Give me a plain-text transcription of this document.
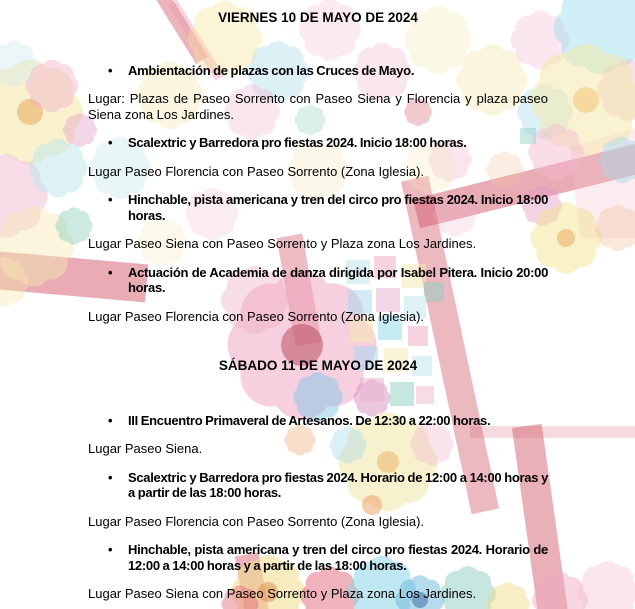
VIERNES 10 DE MAYO DE 2024

•	Ambientación de plazas con las Cruces de Mayo.

Lugar: Plazas de Paseo Sorrento con Paseo Siena y Florencia y plaza paseo Siena zona Los Jardines.

•	Scalextric y Barredora pro fiestas 2024. Inicio 18:00 horas.

Lugar Paseo Florencia con Paseo Sorrento (Zona Iglesia).

•	Hinchable, pista americana y tren del circo pro fiestas 2024. Inicio 18:00 horas.

Lugar Paseo Siena con Paseo Sorrento y Plaza zona Los Jardines.

•	Actuación de Academia de danza dirigida por Isabel Pitera. Inicio 20:00 horas.

Lugar Paseo Florencia con Paseo Sorrento (Zona Iglesia).

SÁBADO 11 DE MAYO DE 2024

•	III Encuentro Primaveral de Artesanos. De 12:30 a 22:00 horas.

Lugar Paseo Siena.

•	Scalextric y Barredora pro fiestas 2024. Horario de 12:00 a 14:00 horas y a partir de las 18:00 horas.

Lugar Paseo Florencia con Paseo Sorrento (Zona Iglesia).

•	Hinchable, pista americana y tren del circo pro fiestas 2024. Horario de 12:00 a 14:00 horas y a partir de las 18:00 horas.

Lugar Paseo Siena con Paseo Sorrento y Plaza zona Los Jardines.
